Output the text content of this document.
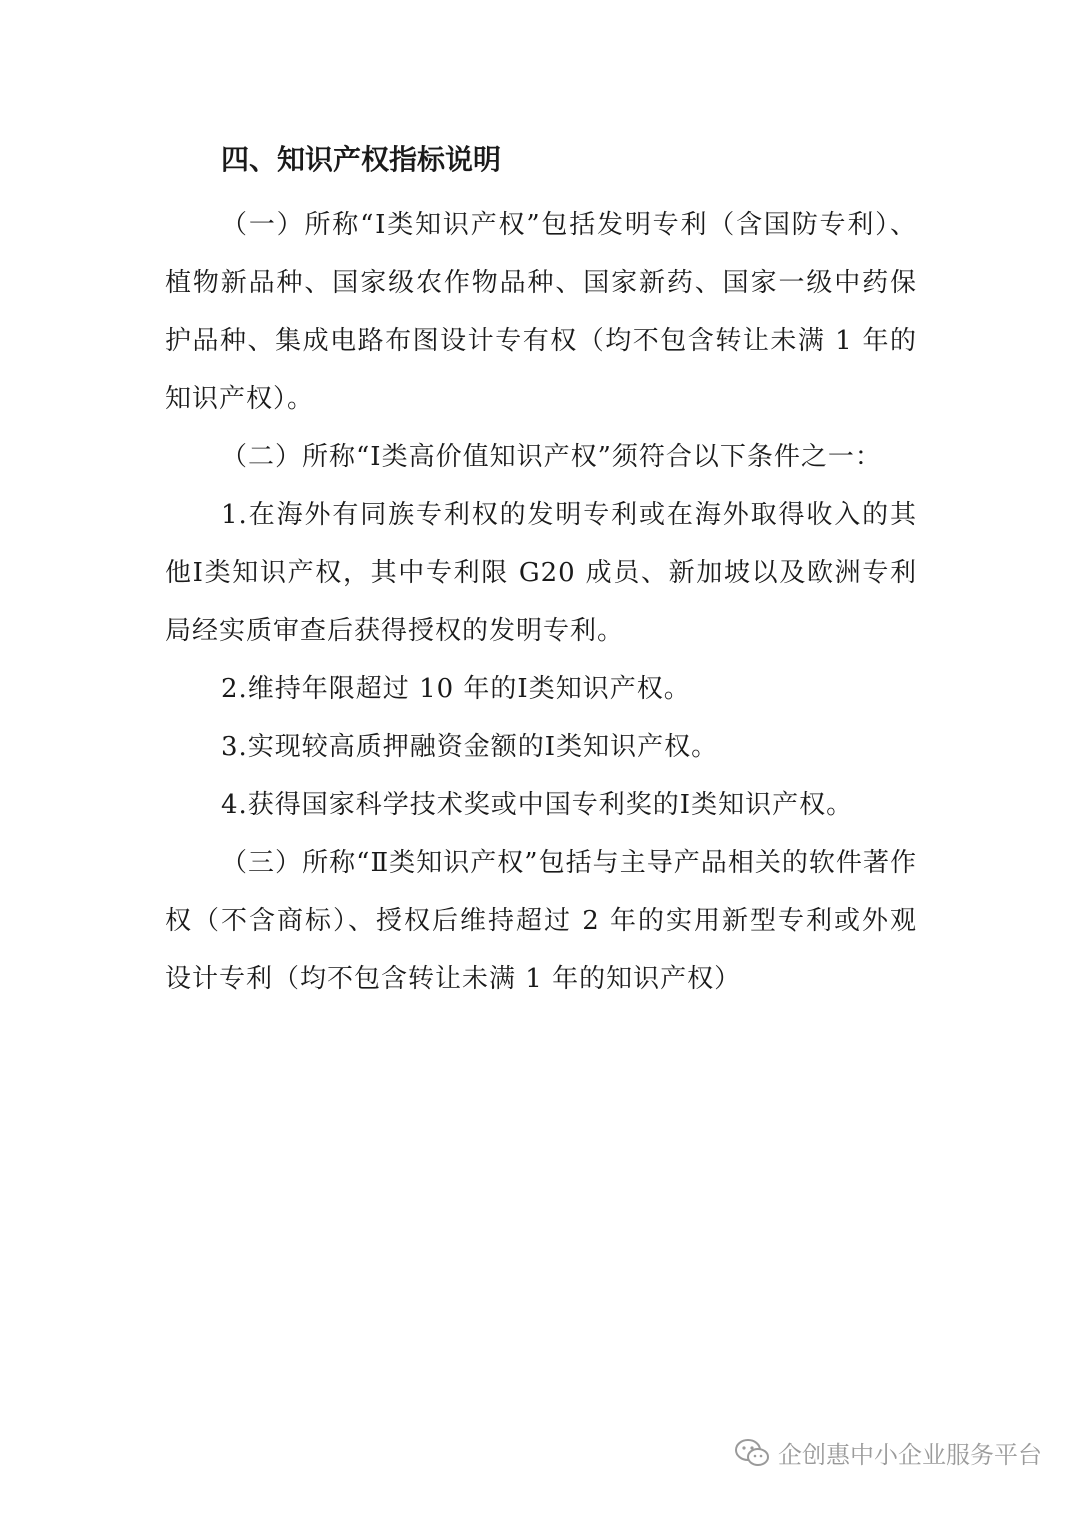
四、知识产权指标说明

（一）所称“Ⅰ类知识产权”包括发明专利（含国防专利）、植物新品种、国家级农作物品种、国家新药、国家一级中药保护品种、集成电路布图设计专有权（均不包含转让未满 1 年的知识产权）。

（二）所称“Ⅰ类高价值知识产权”须符合以下条件之一：

1.在海外有同族专利权的发明专利或在海外取得收入的其他Ⅰ类知识产权，其中专利限 G20 成员、新加坡以及欧洲专利局经实质审查后获得授权的发明专利。

2.维持年限超过 10 年的Ⅰ类知识产权。

3.实现较高质押融资金额的Ⅰ类知识产权。

4.获得国家科学技术奖或中国专利奖的Ⅰ类知识产权。

（三）所称“Ⅱ类知识产权”包括与主导产品相关的软件著作权（不含商标）、授权后维持超过 2 年的实用新型专利或外观设计专利（均不包含转让未满 1 年的知识产权）

企创惠中小企业服务平台
